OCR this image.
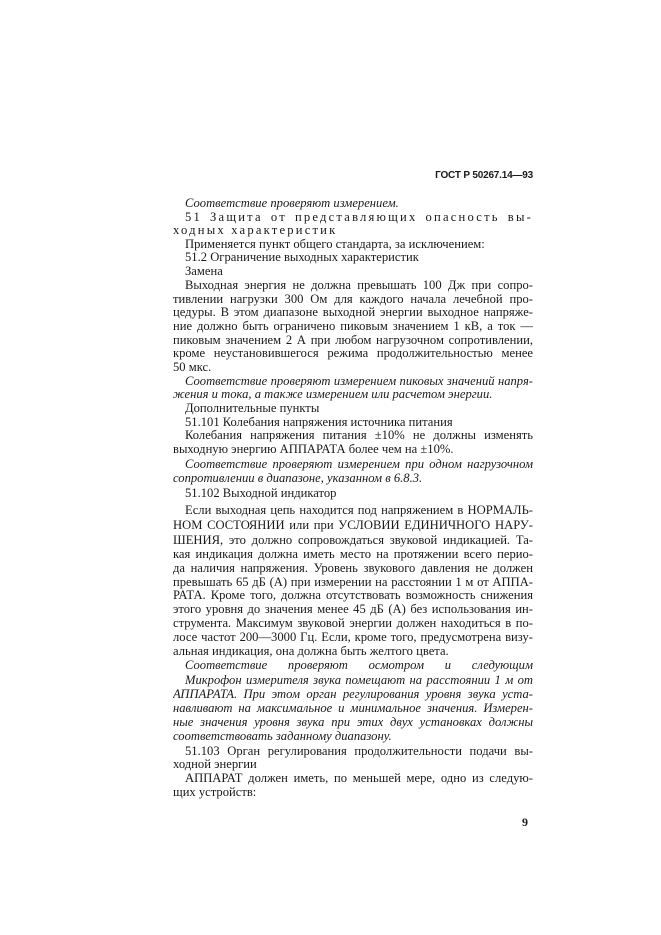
ГОСТ Р 50267.14—93
Соответствие проверяют измерением.
51 Защита от представляющих опасность вы-
ходных характеристик
Применяется пункт общего стандарта, за исключением:
51.2 Ограничение выходных характеристик
Замена
Выходная энергия не должна превышать 100 Дж при сопро-
тивлении нагрузки 300 Ом для каждого начала лечебной про-
цедуры. В этом диапазоне выходной энергии выходное напряже-
ние должно быть ограничено пиковым значением 1 кВ, а ток —
пиковым значением 2 А при любом нагрузочном сопротивлении,
кроме неустановившегося режима продолжительностью менее
50 мкс.
Соответствие проверяют измерением пиковых значений напря-
жения и тока, а также измерением или расчетом энергии.
Дополнительные пункты
51.101 Колебания напряжения источника питания
Колебания напряжения питания ±10% не должны изменять
выходную энергию АППАРАТА более чем на ±10%.
Соответствие проверяют измерением при одном нагрузочном
сопротивлении в диапазоне, указанном в 6.8.3.
51.102 Выходной индикатор
Если выходная цепь находится под напряжением в НОРМАЛЬ-
НОМ СОСТОЯНИИ или при УСЛОВИИ ЕДИНИЧНОГО НАРУ-
ШЕНИЯ, это должно сопровождаться звуковой индикацией. Та-
кая индикация должна иметь место на протяжении всего перио-
да наличия напряжения. Уровень звукового давления не должен
превышать 65 дБ (А) при измерении на расстоянии 1 м от АППА-
РАТА. Кроме того, должна отсутствовать возможность снижения
этого уровня до значения менее 45 дБ (А) без использования ин-
струмента. Максимум звуковой энергии должен находиться в по-
лосе частот 200—3000 Гц. Если, кроме того, предусмотрена визу-
альная индикация, она должна быть желтого цвета.
Соответствие проверяют осмотром и следующим
Микрофон измерителя звука помещают на расстоянии 1 м от
АППАРАТА. При этом орган регулирования уровня звука уста-
навливают на максимальное и минимальное значения. Измерен-
ные значения уровня звука при этих двух установках должны
соответствовать заданному диапазону.
51.103 Орган регулирования продолжительности подачи вы-
ходной энергии
АППАРАТ должен иметь, по меньшей мере, одно из следую-
щих устройств:
9
